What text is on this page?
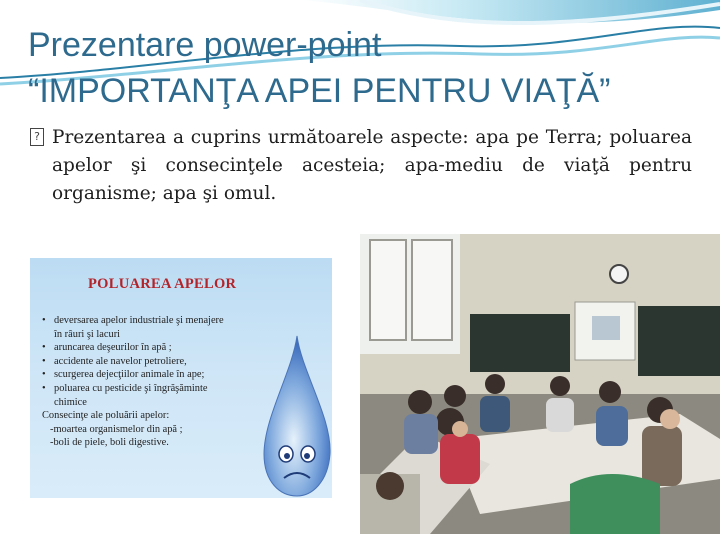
Prezentare power-point
“IMPORTANŢA APEI PENTRU VIAŢĂ”
? Prezentarea a cuprins următoarele aspecte: apa pe Terra; poluarea apelor şi consecinţele acesteia; apa-mediu de viaţă pentru organisme; apa şi omul.
POLUAREA APELOR
• deversarea apelor industriale şi menajere
în râuri şi lacuri
• aruncarea deşeurilor în apă ;
• accidente ale navelor petroliere,
• scurgerea dejecţiilor animale în ape;
• poluarea cu pesticide şi îngrăşăminte
chimice
Consecinţe ale poluării apelor:
-moartea organismelor din apă ;
-boli de piele, boli digestive.
